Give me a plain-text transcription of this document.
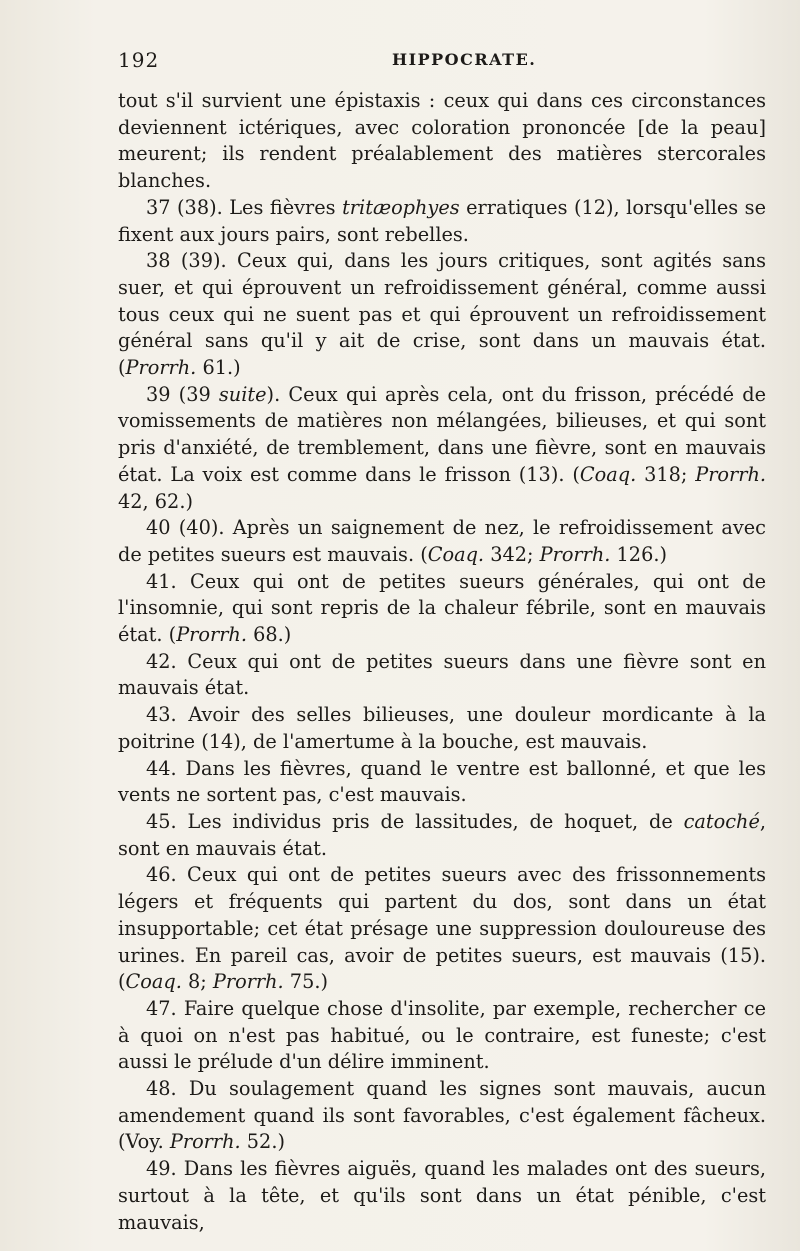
192	HIPPOCRATE.

tout s'il survient une épistaxis : ceux qui dans ces circonstances deviennent ictériques, avec coloration prononcée [de la peau] meurent; ils rendent préalablement des matières stercorales blanches.

37 (38). Les fièvres tritæophyes erratiques (12), lorsqu'elles se fixent aux jours pairs, sont rebelles.

38 (39). Ceux qui, dans les jours critiques, sont agités sans suer, et qui éprouvent un refroidissement général, comme aussi tous ceux qui ne suent pas et qui éprouvent un refroidissement général sans qu'il y ait de crise, sont dans un mauvais état. (Prorrh. 61.)

39 (39 suite). Ceux qui après cela, ont du frisson, précédé de vomissements de matières non mélangées, bilieuses, et qui sont pris d'anxiété, de tremblement, dans une fièvre, sont en mauvais état. La voix est comme dans le frisson (13). (Coaq. 318; Prorrh. 42, 62.)

40 (40). Après un saignement de nez, le refroidissement avec de petites sueurs est mauvais. (Coaq. 342; Prorrh. 126.)

41. Ceux qui ont de petites sueurs générales, qui ont de l'insomnie, qui sont repris de la chaleur fébrile, sont en mauvais état. (Prorrh. 68.)

42. Ceux qui ont de petites sueurs dans une fièvre sont en mauvais état.

43. Avoir des selles bilieuses, une douleur mordicante à la poitrine (14), de l'amertume à la bouche, est mauvais.

44. Dans les fièvres, quand le ventre est ballonné, et que les vents ne sortent pas, c'est mauvais.

45. Les individus pris de lassitudes, de hoquet, de catoché, sont en mauvais état.

46. Ceux qui ont de petites sueurs avec des frissonnements légers et fréquents qui partent du dos, sont dans un état insupportable; cet état présage une suppression douloureuse des urines. En pareil cas, avoir de petites sueurs, est mauvais (15). (Coaq. 8; Prorrh. 75.)

47. Faire quelque chose d'insolite, par exemple, rechercher ce à quoi on n'est pas habitué, ou le contraire, est funeste; c'est aussi le prélude d'un délire imminent.

48. Du soulagement quand les signes sont mauvais, aucun amendement quand ils sont favorables, c'est également fâcheux. (Voy. Prorrh. 52.)

49. Dans les fièvres aiguës, quand les malades ont des sueurs, surtout à la tête, et qu'ils sont dans un état pénible, c'est mauvais,
